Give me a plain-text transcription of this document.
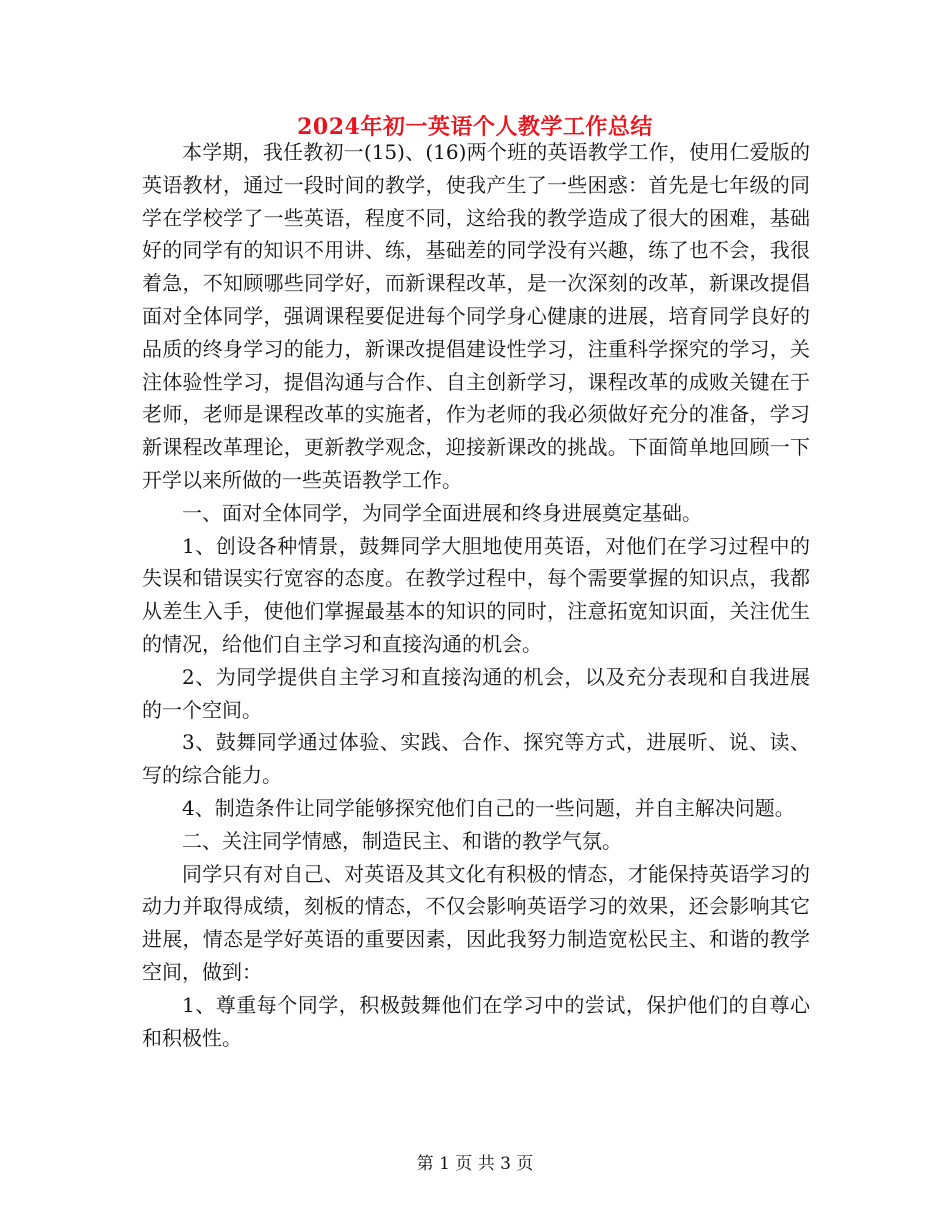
2024年初一英语个人教学工作总结

本学期，我任教初一(15)、(16)两个班的英语教学工作，使用仁爱版的英语教材，通过一段时间的教学，使我产生了一些困惑：首先是七年级的同学在学校学了一些英语，程度不同，这给我的教学造成了很大的困难，基础好的同学有的知识不用讲、练，基础差的同学没有兴趣，练了也不会，我很着急，不知顾哪些同学好，而新课程改革，是一次深刻的改革，新课改提倡面对全体同学，强调课程要促进每个同学身心健康的进展，培育同学良好的品质的终身学习的能力，新课改提倡建设性学习，注重科学探究的学习，关注体验性学习，提倡沟通与合作、自主创新学习，课程改革的成败关键在于老师，老师是课程改革的实施者，作为老师的我必须做好充分的准备，学习新课程改革理论，更新教学观念，迎接新课改的挑战。下面简单地回顾一下开学以来所做的一些英语教学工作。

一、面对全体同学，为同学全面进展和终身进展奠定基础。

1、创设各种情景，鼓舞同学大胆地使用英语，对他们在学习过程中的失误和错误实行宽容的态度。在教学过程中，每个需要掌握的知识点，我都从差生入手，使他们掌握最基本的知识的同时，注意拓宽知识面，关注优生的情况，给他们自主学习和直接沟通的机会。

2、为同学提供自主学习和直接沟通的机会，以及充分表现和自我进展的一个空间。

3、鼓舞同学通过体验、实践、合作、探究等方式，进展听、说、读、写的综合能力。

4、制造条件让同学能够探究他们自己的一些问题，并自主解决问题。

二、关注同学情感，制造民主、和谐的教学气氛。

同学只有对自己、对英语及其文化有积极的情态，才能保持英语学习的动力并取得成绩，刻板的情态，不仅会影响英语学习的效果，还会影响其它进展，情态是学好英语的重要因素，因此我努力制造宽松民主、和谐的教学空间，做到：

1、尊重每个同学，积极鼓舞他们在学习中的尝试，保护他们的自尊心和积极性。

第 1 页 共 3 页
